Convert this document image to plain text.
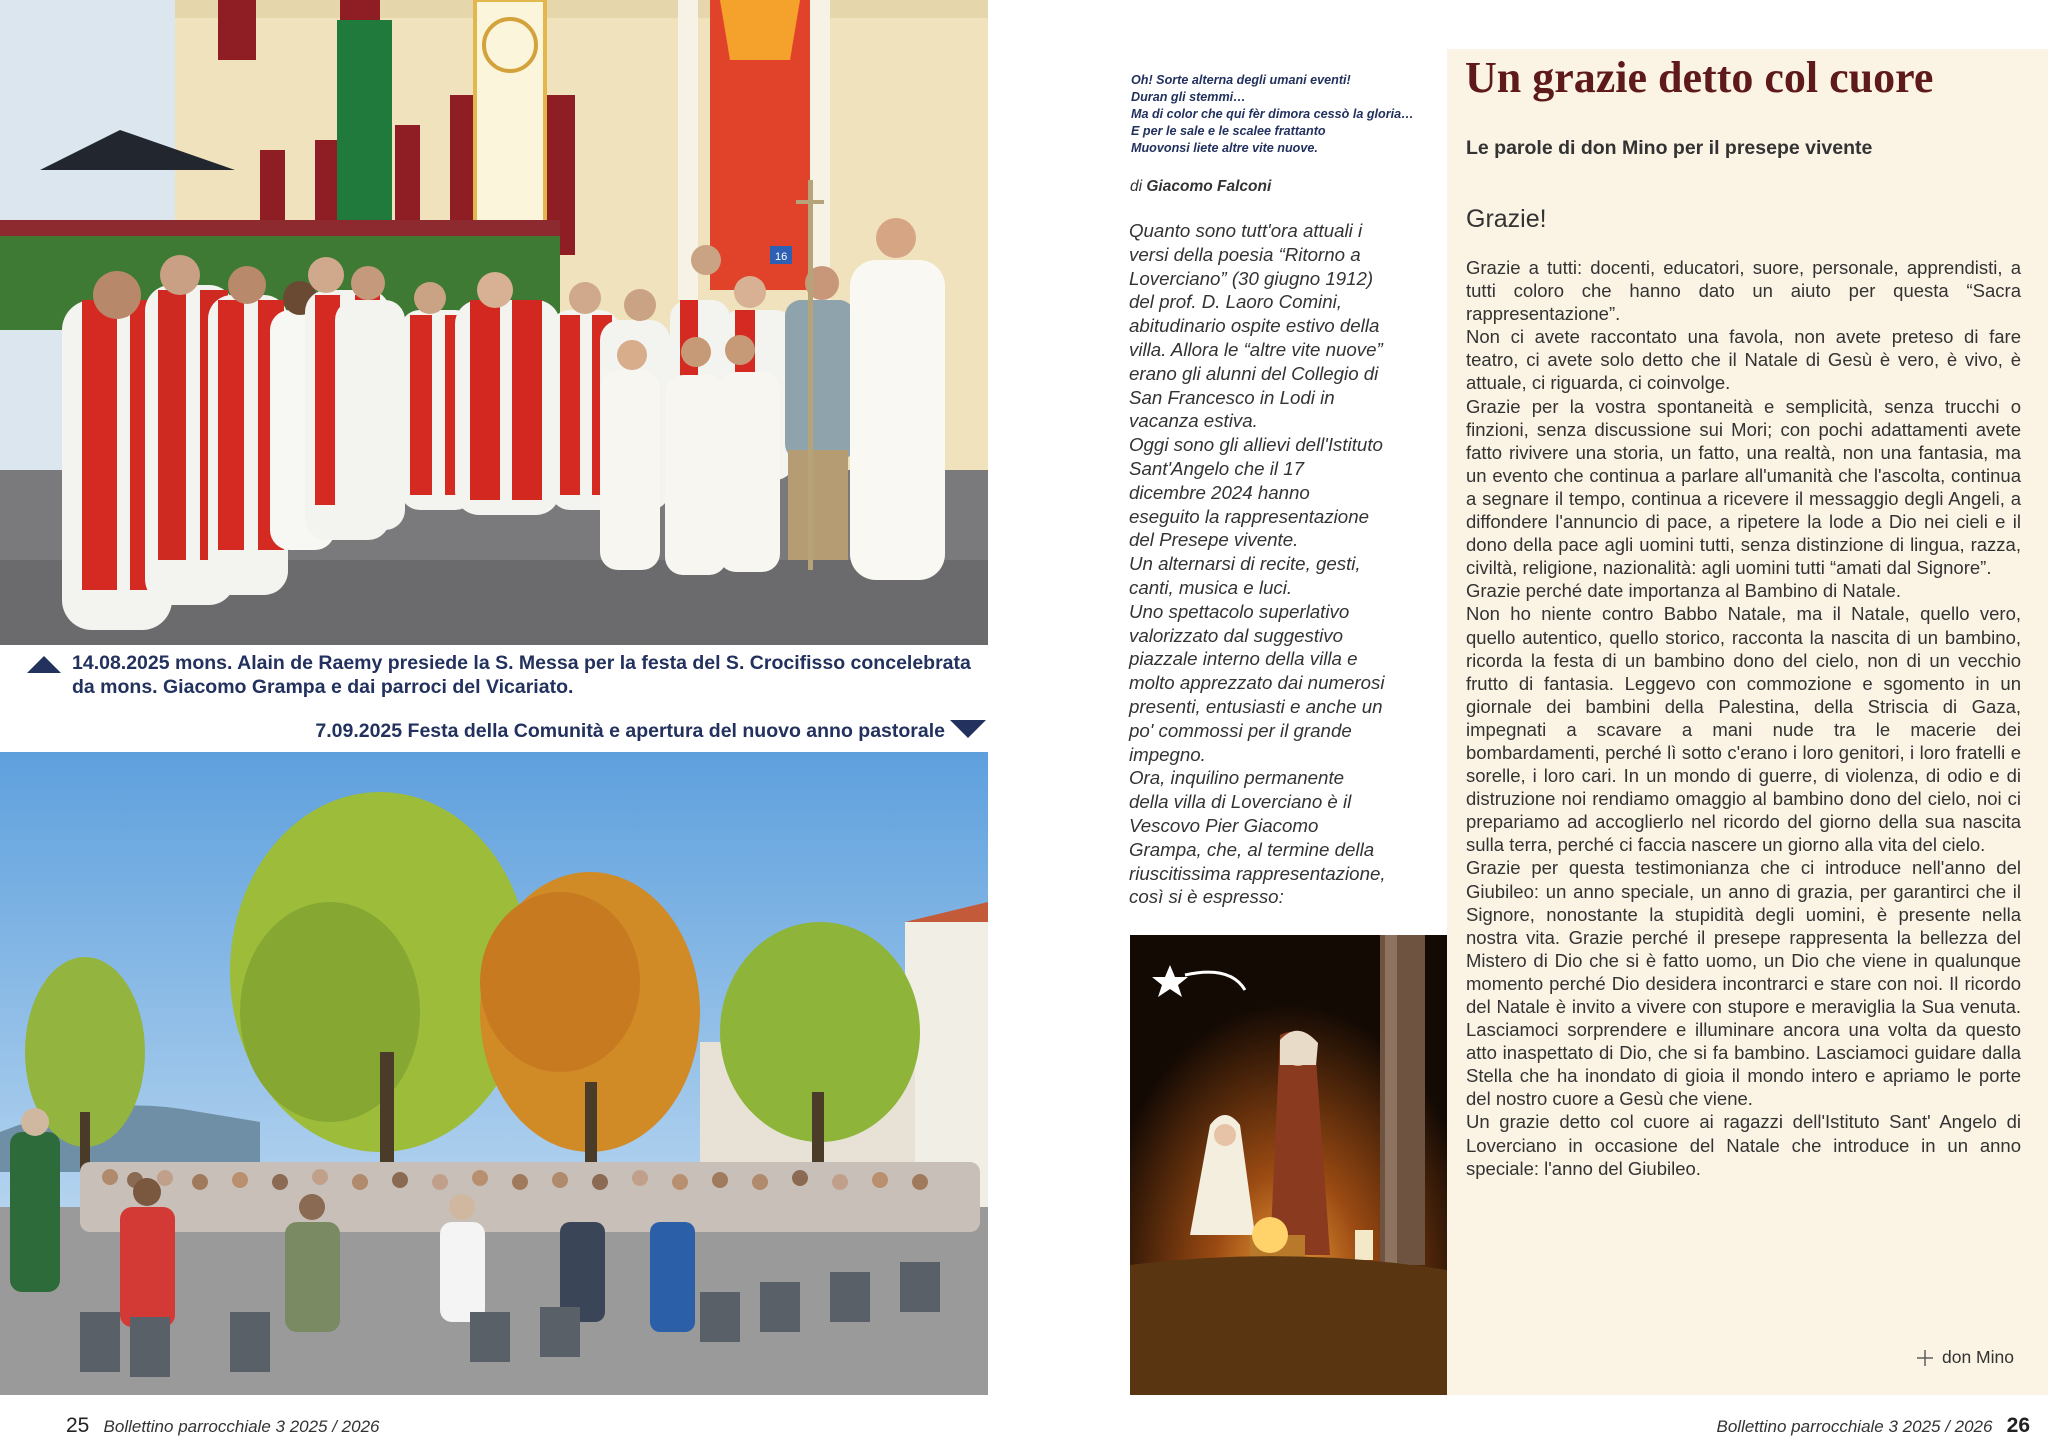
16
14.08.2025 mons. Alain de Raemy presiede la S. Messa per la festa del S. Crocifisso concelebrata da mons. Giacomo Grampa e dai parroci del Vicariato.
7.09.2025 Festa della Comunità e apertura del nuovo anno pastorale
25 Bollettino parrocchiale 3 2025 / 2026
Oh! Sorte alterna degli umani eventi!
Duran gli stemmi…
Ma di color che qui fèr dimora cessò la gloria…
E per le sale e le scalee frattanto
Muovonsi liete altre vite nuove.
di Giacomo Falconi
Quanto sono tutt'ora attuali i
versi della poesia “Ritorno a
Loverciano” (30 giugno 1912)
del prof. D. Laoro Comini,
abitudinario ospite estivo della
villa. Allora le “altre vite nuove”
erano gli alunni del Collegio di
San Francesco in Lodi in
vacanza estiva.
Oggi sono gli allievi dell'Istituto
Sant'Angelo che il 17
dicembre 2024 hanno
eseguito la rappresentazione
del Presepe vivente.
Un alternarsi di recite, gesti,
canti, musica e luci.
Uno spettacolo superlativo
valorizzato dal suggestivo
piazzale interno della villa e
molto apprezzato dai numerosi
presenti, entusiasti e anche un
po' commossi per il grande
impegno.
Ora, inquilino permanente
della villa di Loverciano è il
Vescovo Pier Giacomo
Grampa, che, al termine della
riuscitissima rappresentazione,
così si è espresso:
Un grazie detto col cuore
Le parole di don Mino per il presepe vivente
Grazie!

Grazie a tutti: docenti, educatori, suore, personale, apprendisti, a tutti coloro che hanno dato un aiuto per questa “Sacra rappresentazione”.

Non ci avete raccontato una favola, non avete preteso di fare teatro, ci avete solo detto che il Natale di Gesù è vero, è vivo, è attuale, ci riguarda, ci coinvolge.

Grazie per la vostra spontaneità e semplicità, senza trucchi o finzioni, senza discussione sui Mori; con pochi adattamenti avete fatto rivivere una storia, un fatto, una realtà, non una fantasia, ma un evento che continua a parlare all'umanità che l'ascolta, continua a segnare il tempo, continua a ricevere il messaggio degli Angeli, a diffondere l'annuncio di pace, a ripetere la lode a Dio nei cieli e il dono della pace agli uomini tutti, senza distinzione di lingua, razza, civiltà, religione, nazionalità: agli uomini tutti “amati dal Signore”.

Grazie perché date importanza al Bambino di Natale.

Non ho niente contro Babbo Natale, ma il Natale, quello vero, quello autentico, quello storico, racconta la nascita di un bambino, ricorda la festa di un bambino dono del cielo, non di un vecchio frutto di fantasia. Leggevo con commozione e sgomento in un giornale dei bambini della Palestina, della Striscia di Gaza, impegnati a scavare a mani nude tra le macerie dei bombardamenti, perché lì sotto c'erano i loro genitori, i loro fratelli e sorelle, i loro cari. In un mondo di guerre, di violenza, di odio e di distruzione noi rendiamo omaggio al bambino dono del cielo, noi ci prepariamo ad accoglierlo nel ricordo del giorno della sua nascita sulla terra, perché ci faccia nascere un giorno alla vita del cielo.

Grazie per questa testimonianza che ci introduce nell'anno del Giubileo: un anno speciale, un anno di grazia, per garantirci che il Signore, nonostante la stupidità degli uomini, è presente nella nostra vita. Grazie perché il presepe rappresenta la bellezza del Mistero di Dio che si è fatto uomo, un Dio che viene in qualunque momento perché Dio desidera incontrarci e stare con noi. Il ricordo del Natale è invito a vivere con stupore e meraviglia la Sua venuta. Lasciamoci sorprendere e illuminare ancora una volta da questo atto inaspettato di Dio, che si fa bambino. Lasciamoci guidare dalla Stella che ha inondato di gioia il mondo intero e apriamo le porte del nostro cuore a Gesù che viene.

Un grazie detto col cuore ai ragazzi dell'Istituto Sant' Angelo di Loverciano in occasione del Natale che introduce in un anno speciale: l'anno del Giubileo.

don Mino
Bollettino parrocchiale 3 2025 / 2026 26
